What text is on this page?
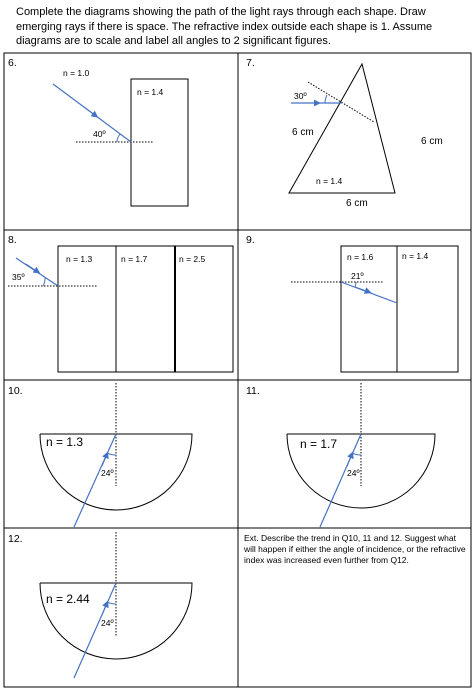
Complete the diagrams showing the path of the light rays through each shape. Draw emerging rays if there is space. The refractive index outside each shape is 1. Assume diagrams are to scale and label all angles to 2 significant figures.
6.	7.
8.	9.
10.	11.
12.
n = 1.0
n = 1.4
40º
30º
6 cm
6 cm
n = 1.4
6 cm
n = 1.3	n = 1.7	n = 2.5
35º
n = 1.6	n = 1.4
21º
n = 1.3
24º
n = 1.7
24º
n = 2.44
24º
Ext. Describe the trend in Q10, 11 and 12. Suggest what will happen if either the angle of incidence, or the refractive index was increased even further from Q12.
